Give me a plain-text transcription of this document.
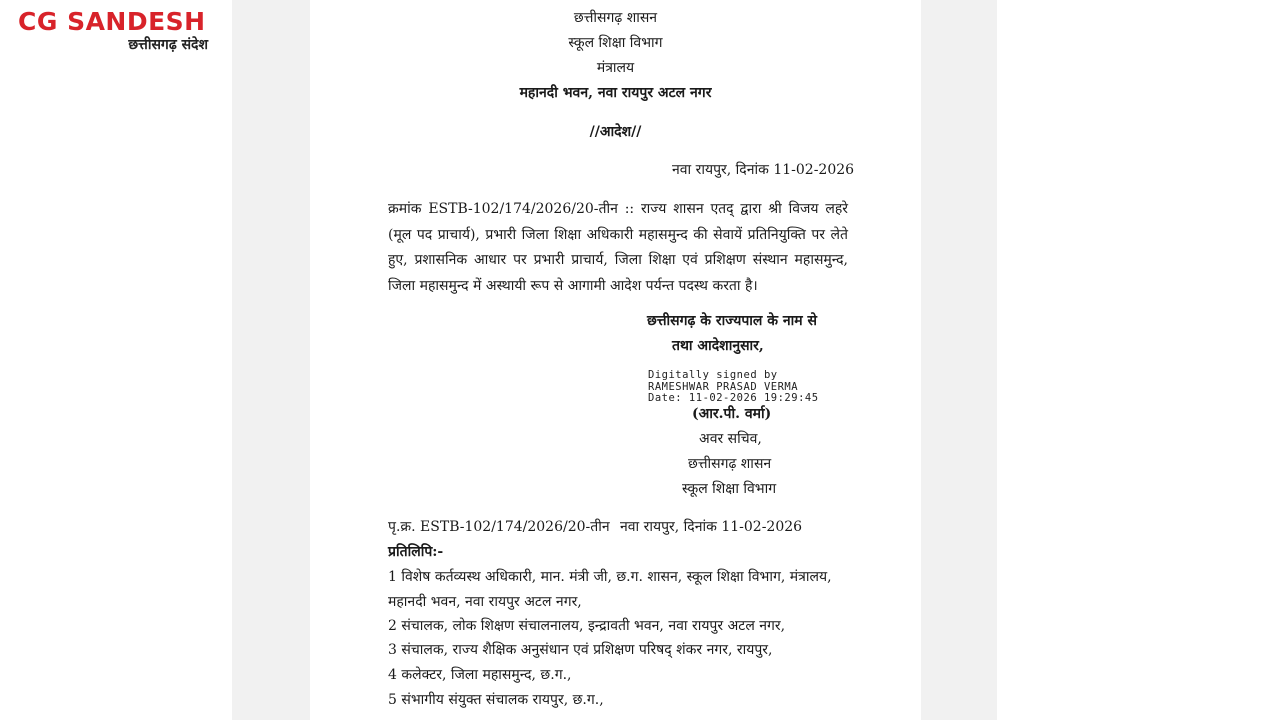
CG SANDESH
छत्तीसगढ़ संदेश
छत्तीसगढ़ शासन
स्कूल शिक्षा विभाग
मंत्रालय
महानदी भवन, नवा रायपुर अटल नगर
//आदेश//
नवा रायपुर, दिनांक 11-02-2026
क्रमांक ESTB-102/174/2026/20-तीन :: राज्य शासन एतद् द्वारा श्री विजय लहरे (मूल पद प्राचार्य), प्रभारी जिला शिक्षा अधिकारी महासमुन्द की सेवायें प्रतिनियुक्ति पर लेते हुए, प्रशासनिक आधार पर प्रभारी प्राचार्य, जिला शिक्षा एवं प्रशिक्षण संस्थान महासमुन्द, जिला महासमुन्द में अस्थायी रूप से आगामी आदेश पर्यन्त पदस्थ करता है।
छत्तीसगढ़ के राज्यपाल के नाम से
तथा आदेशानुसार,
Digitally signed by
RAMESHWAR PRASAD VERMA
Date: 11-02-2026 19:29:45
(आर.पी. वर्मा)
अवर सचिव,
छत्तीसगढ़ शासन
स्कूल शिक्षा विभाग
पृ.क्र. ESTB-102/174/2026/20-तीन नवा रायपुर, दिनांक 11-02-2026
प्रतिलिपि:-
1 विशेष कर्तव्यस्थ अधिकारी, मान. मंत्री जी, छ.ग. शासन, स्कूल शिक्षा विभाग, मंत्रालय,
महानदी भवन, नवा रायपुर अटल नगर,
2 संचालक, लोक शिक्षण संचालनालय, इन्द्रावती भवन, नवा रायपुर अटल नगर,
3 संचालक, राज्य शैक्षिक अनुसंधान एवं प्रशिक्षण परिषद् शंकर नगर, रायपुर,
4 कलेक्टर, जिला महासमुन्द, छ.ग.,
5 संभागीय संयुक्त संचालक रायपुर, छ.ग.,
